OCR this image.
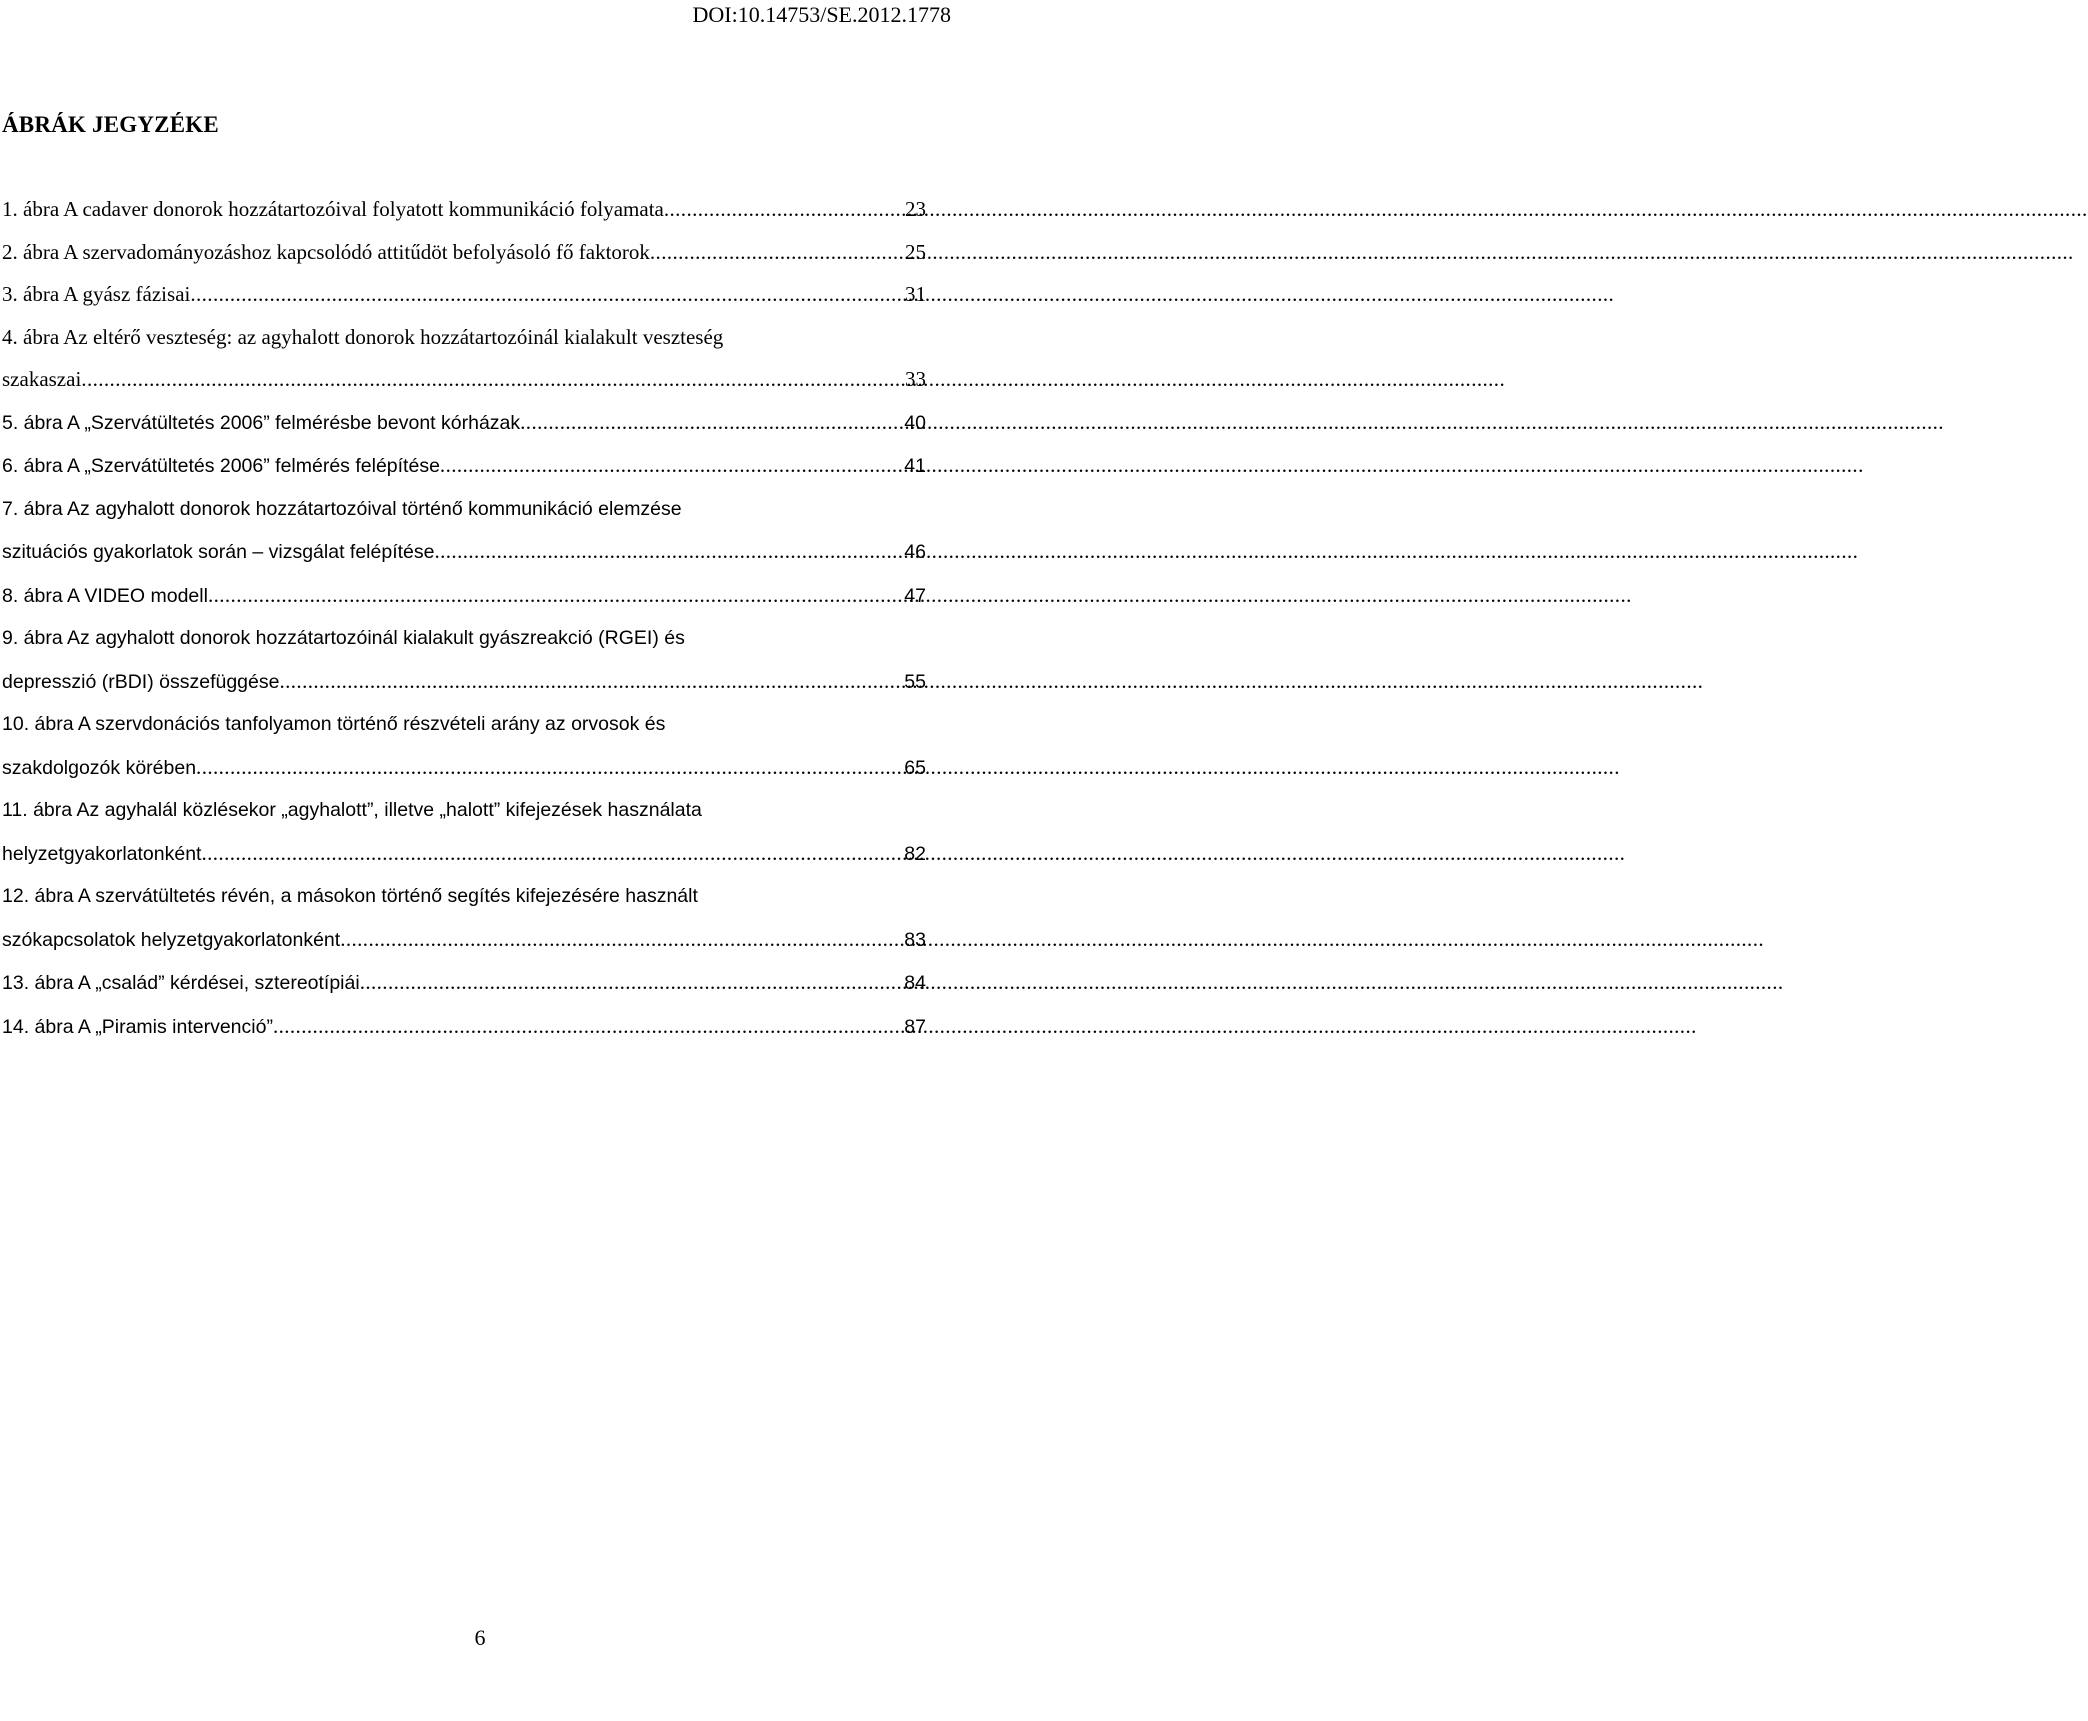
DOI:10.14753/SE.2012.1778
ÁBRÁK JEGYZÉKE
1. ábra A cadaver donorok hozzátartozóival folyatott kommunikáció folyamata .....	23
2. ábra A szervadományozáshoz kapcsolódó attitűdöt befolyásoló fő faktorok .....	25
3. ábra A gyász fázisai .....	31
4. ábra Az eltérő veszteség: az agyhalott donorok hozzátartozóinál kialakult veszteség
szakaszai .....	33
5. ábra A „Szervátültetés 2006” felmérésbe bevont kórházak .....	40
6. ábra A „Szervátültetés 2006” felmérés felépítése .....	41
7. ábra Az agyhalott donorok hozzátartozóival történő kommunikáció elemzése
szituációs gyakorlatok során – vizsgálat felépítése .....	46
8. ábra A VIDEO modell .....	47
9. ábra Az agyhalott donorok hozzátartozóinál kialakult gyászreakció (RGEI) és
depresszió (rBDI) összefüggése .....	55
10. ábra A szervdonációs tanfolyamon történő részvételi arány az orvosok és
szakdolgozók körében .....	65
11. ábra Az agyhalál közlésekor „agyhalott”, illetve „halott” kifejezések használata
helyzetgyakorlatonként .....	82
12. ábra A szervátültetés révén, a másokon történő segítés kifejezésére használt
szókapcsolatok helyzetgyakorlatonként .....	83
13. ábra A „család” kérdései, sztereotípiái .....	84
14. ábra A „Piramis intervenció” .....	87
6
